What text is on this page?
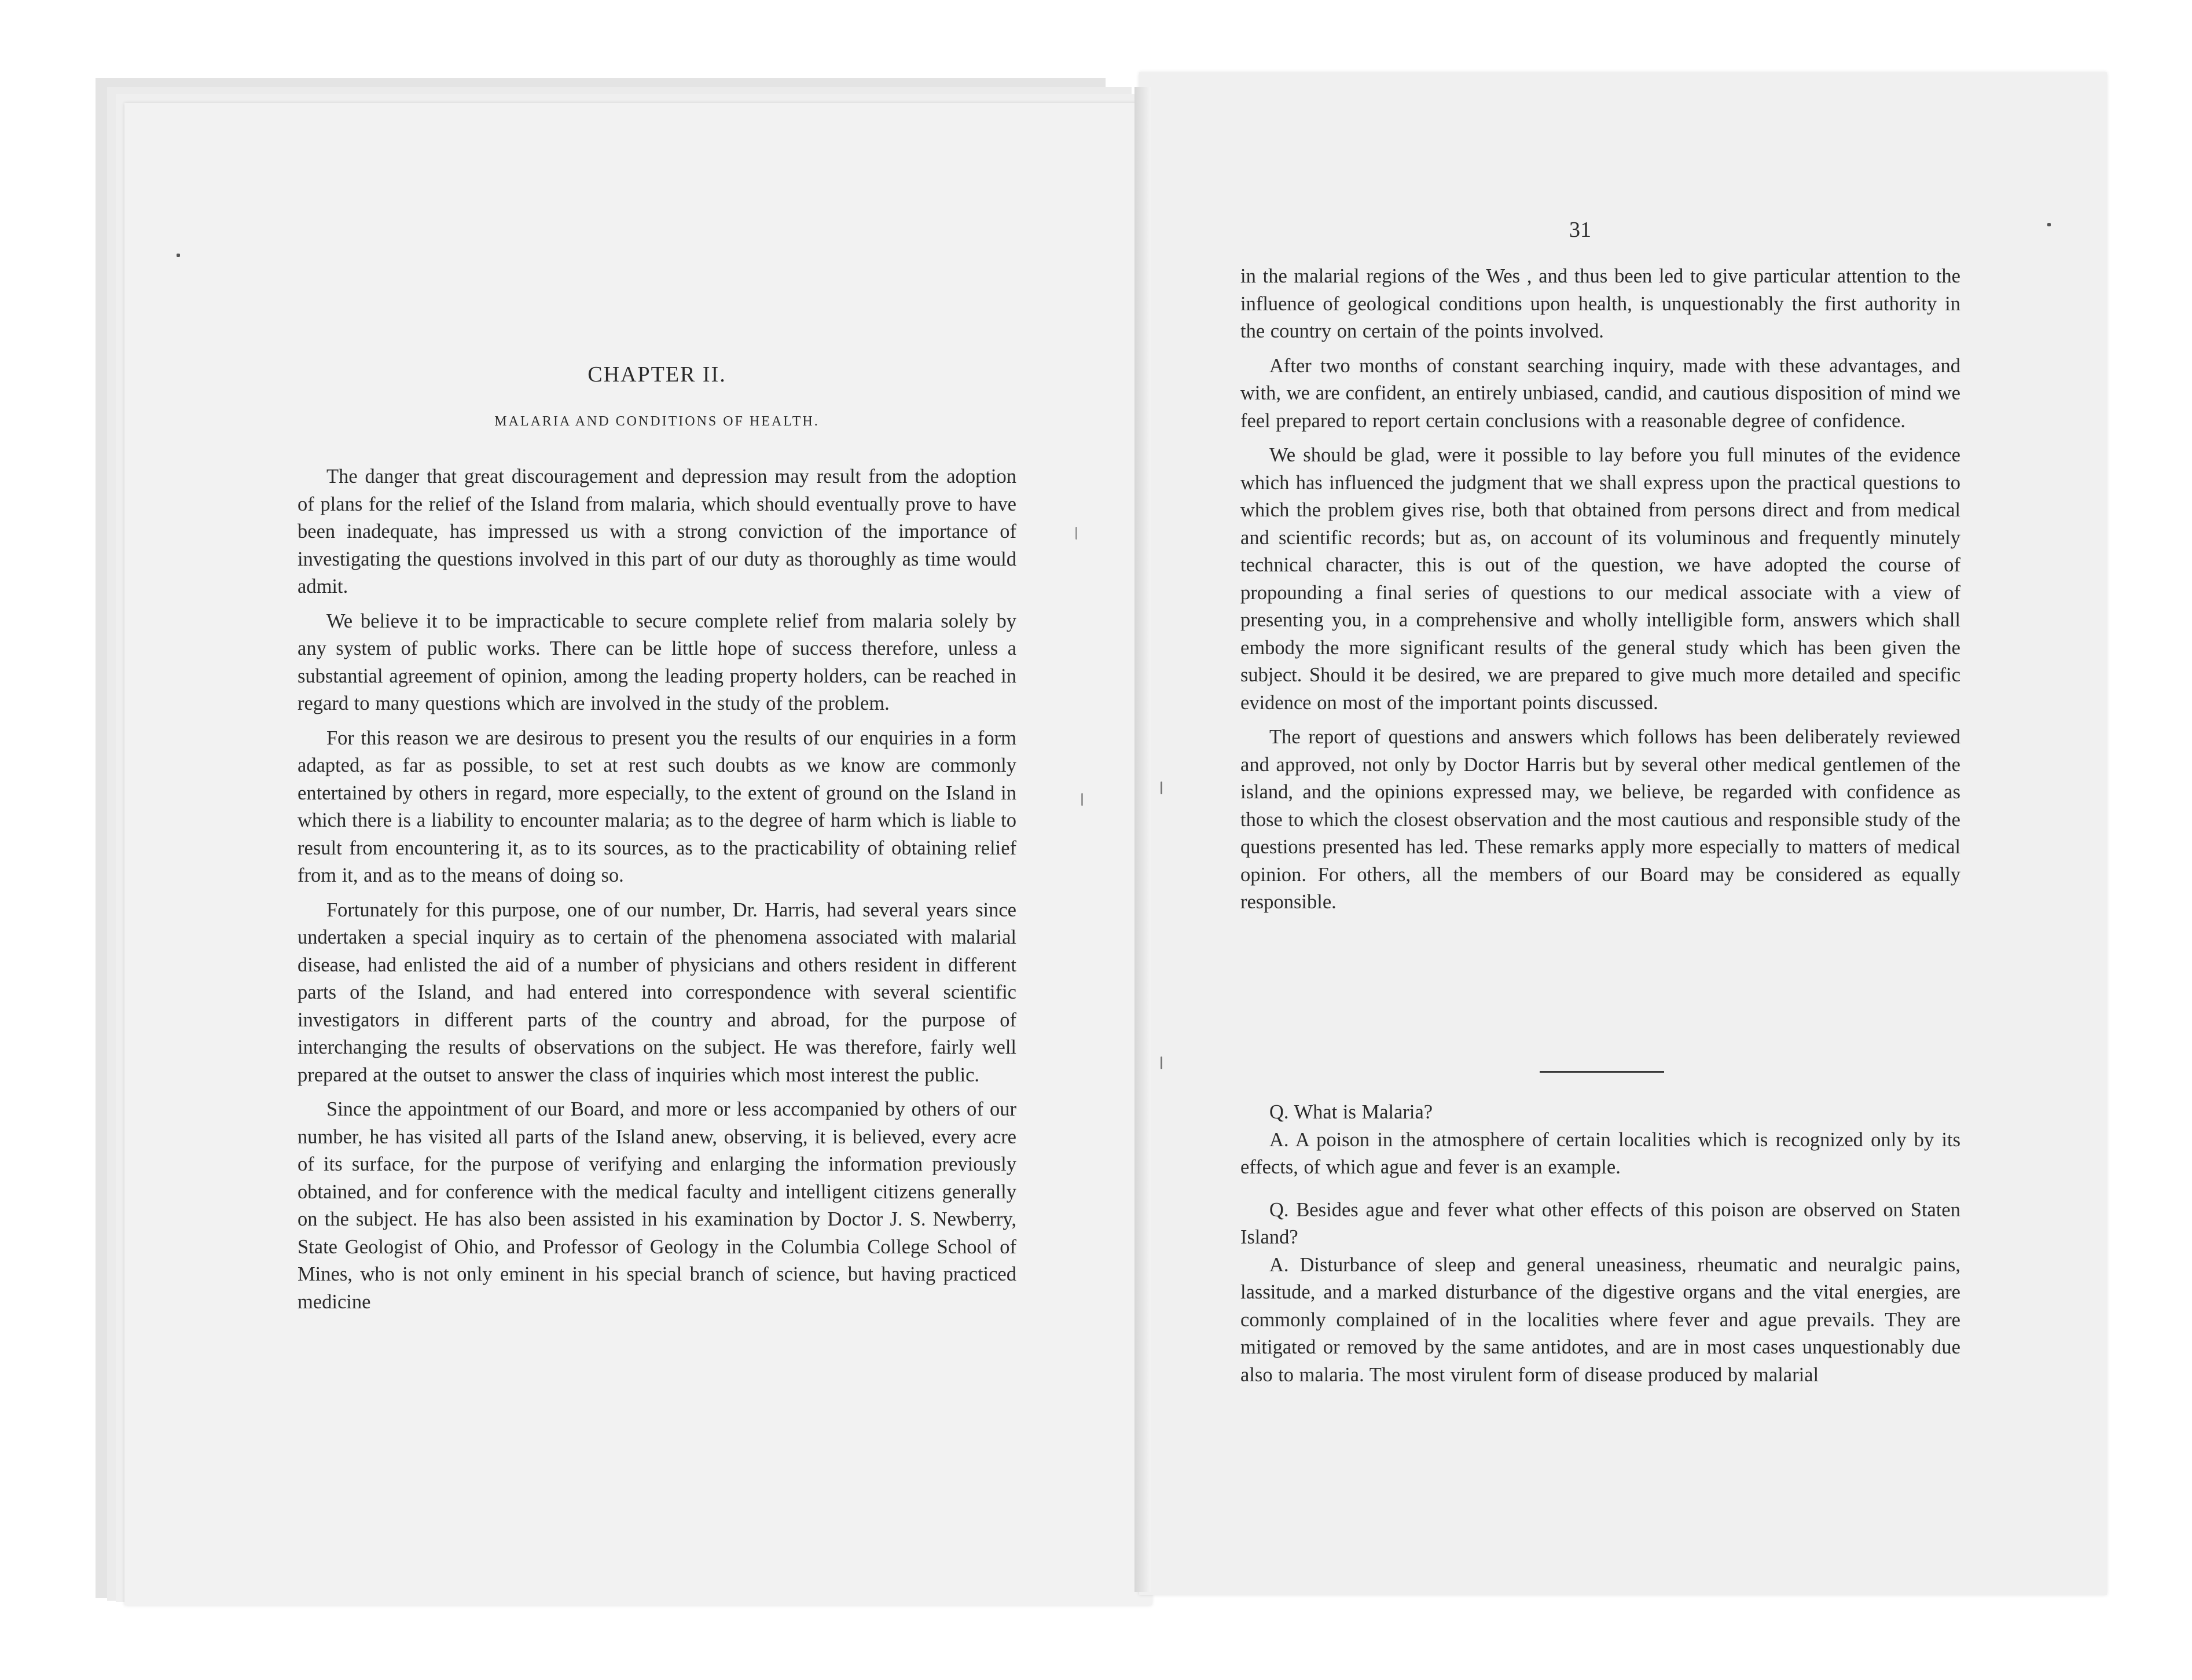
CHAPTER II.
MALARIA AND CONDITIONS OF HEALTH.

The danger that great discouragement and depression may result from the adoption of plans for the relief of the Island from malaria, which should eventually prove to have been inadequate, has impressed us with a strong conviction of the importance of investigating the questions involved in this part of our duty as thoroughly as time would admit.

We believe it to be impracticable to secure complete relief from malaria solely by any system of public works. There can be little hope of success therefore, unless a substantial agreement of opinion, among the leading property holders, can be reached in regard to many questions which are involved in the study of the problem.

For this reason we are desirous to present you the results of our enquiries in a form adapted, as far as possible, to set at rest such doubts as we know are commonly entertained by others in regard, more especially, to the extent of ground on the Island in which there is a liability to encounter malaria; as to the degree of harm which is liable to result from encountering it, as to its sources, as to the practicability of obtaining relief from it, and as to the means of doing so.

Fortunately for this purpose, one of our number, Dr. Harris, had several years since undertaken a special inquiry as to certain of the phenomena associated with malarial disease, had enlisted the aid of a number of physicians and others resident in different parts of the Island, and had entered into correspondence with several scientific investigators in different parts of the country and abroad, for the purpose of interchanging the results of observations on the subject. He was therefore, fairly well prepared at the outset to answer the class of inquiries which most interest the public.

Since the appointment of our Board, and more or less accompanied by others of our number, he has visited all parts of the Island anew, observing, it is believed, every acre of its surface, for the purpose of verifying and enlarging the information previously obtained, and for conference with the medical faculty and intelligent citizens generally on the subject. He has also been assisted in his examination by Doctor J. S. Newberry, State Geologist of Ohio, and Professor of Geology in the Columbia College School of Mines, who is not only eminent in his special branch of science, but having practiced medicine

31

in the malarial regions of the Wes , and thus been led to give particular attention to the influence of geological conditions upon health, is unquestionably the first authority in the country on certain of the points involved.

After two months of constant searching inquiry, made with these advantages, and with, we are confident, an entirely unbiased, candid, and cautious disposition of mind we feel prepared to report certain conclusions with a reasonable degree of confidence.

We should be glad, were it possible to lay before you full minutes of the evidence which has influenced the judgment that we shall express upon the practical questions to which the problem gives rise, both that obtained from persons direct and from medical and scientific records; but as, on account of its voluminous and frequently minutely technical character, this is out of the question, we have adopted the course of propounding a final series of questions to our medical associate with a view of presenting you, in a comprehensive and wholly intelligible form, answers which shall embody the more significant results of the general study which has been given the subject. Should it be desired, we are prepared to give much more detailed and specific evidence on most of the important points discussed.

The report of questions and answers which follows has been deliberately reviewed and approved, not only by Doctor Harris but by several other medical gentlemen of the island, and the opinions expressed may, we believe, be regarded with confidence as those to which the closest observation and the most cautious and responsible study of the questions presented has led. These remarks apply more especially to matters of medical opinion. For others, all the members of our Board may be considered as equally responsible.

Q. What is Malaria?

A. A poison in the atmosphere of certain localities which is recognized only by its effects, of which ague and fever is an example.

Q. Besides ague and fever what other effects of this poison are observed on Staten Island?

A. Disturbance of sleep and general uneasiness, rheumatic and neuralgic pains, lassitude, and a marked disturbance of the digestive organs and the vital energies, are commonly complained of in the localities where fever and ague prevails. They are mitigated or removed by the same antidotes, and are in most cases unquestionably due also to malaria. The most virulent form of disease produced by malarial
